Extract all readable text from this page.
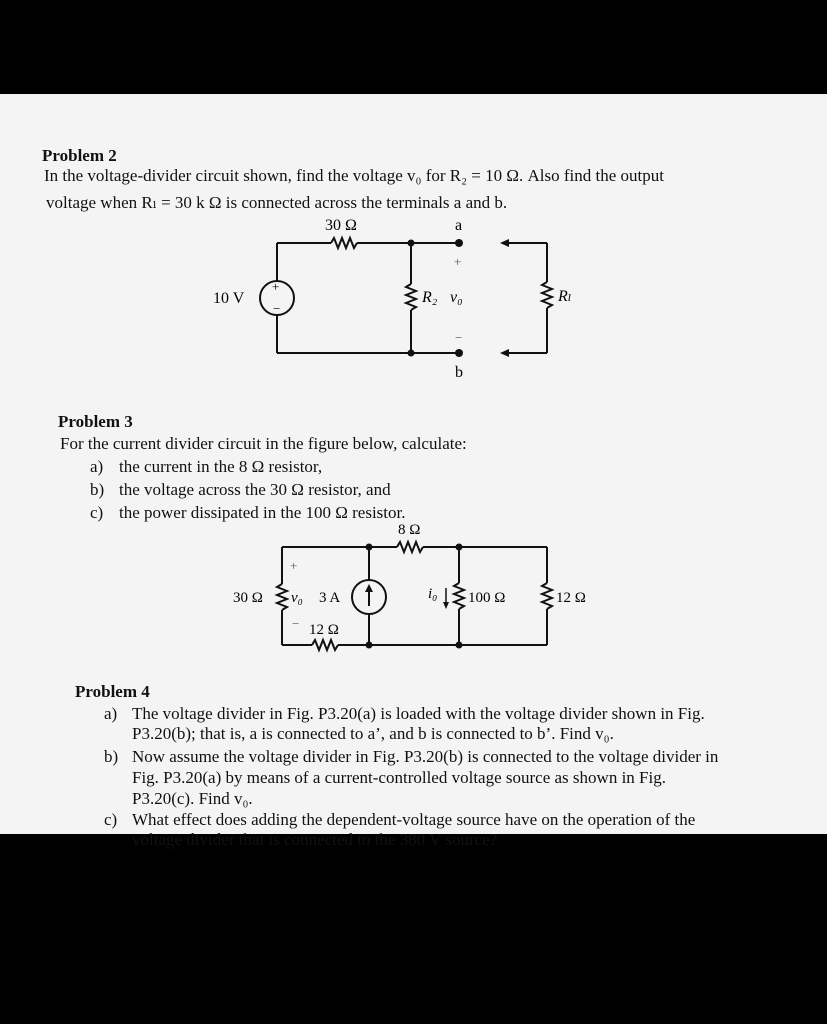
Problem 2
In the voltage-divider circuit shown, find the voltage v₀ for R₂ = 10 Ω. Also find the output
voltage when Rₗ = 30 k Ω is connected across the terminals a and b.
30 Ω	a
b
10 V
+
−
+
−
R₂ v₀	Rₗ
Problem 3
For the current divider circuit in the figure below, calculate:
a) the current in the 8 Ω resistor,
b) the voltage across the 30 Ω resistor, and
c) the power dissipated in the 100 Ω resistor.
8 Ω
30 Ω
+
−
v₀ 3 A
12 Ω
i₀ 100 Ω	12 Ω
Problem 4
a) The voltage divider in Fig. P3.20(a) is loaded with the voltage divider shown in Fig.
P3.20(b); that is, a is connected to a’, and b is connected to b’. Find v₀.
b) Now assume the voltage divider in Fig. P3.20(b) is connected to the voltage divider in
Fig. P3.20(a) by means of a current-controlled voltage source as shown in Fig.
P3.20(c). Find v₀.
c) What effect does adding the dependent-voltage source have on the operation of the
voltage divider that is connected to the 380 V source?
